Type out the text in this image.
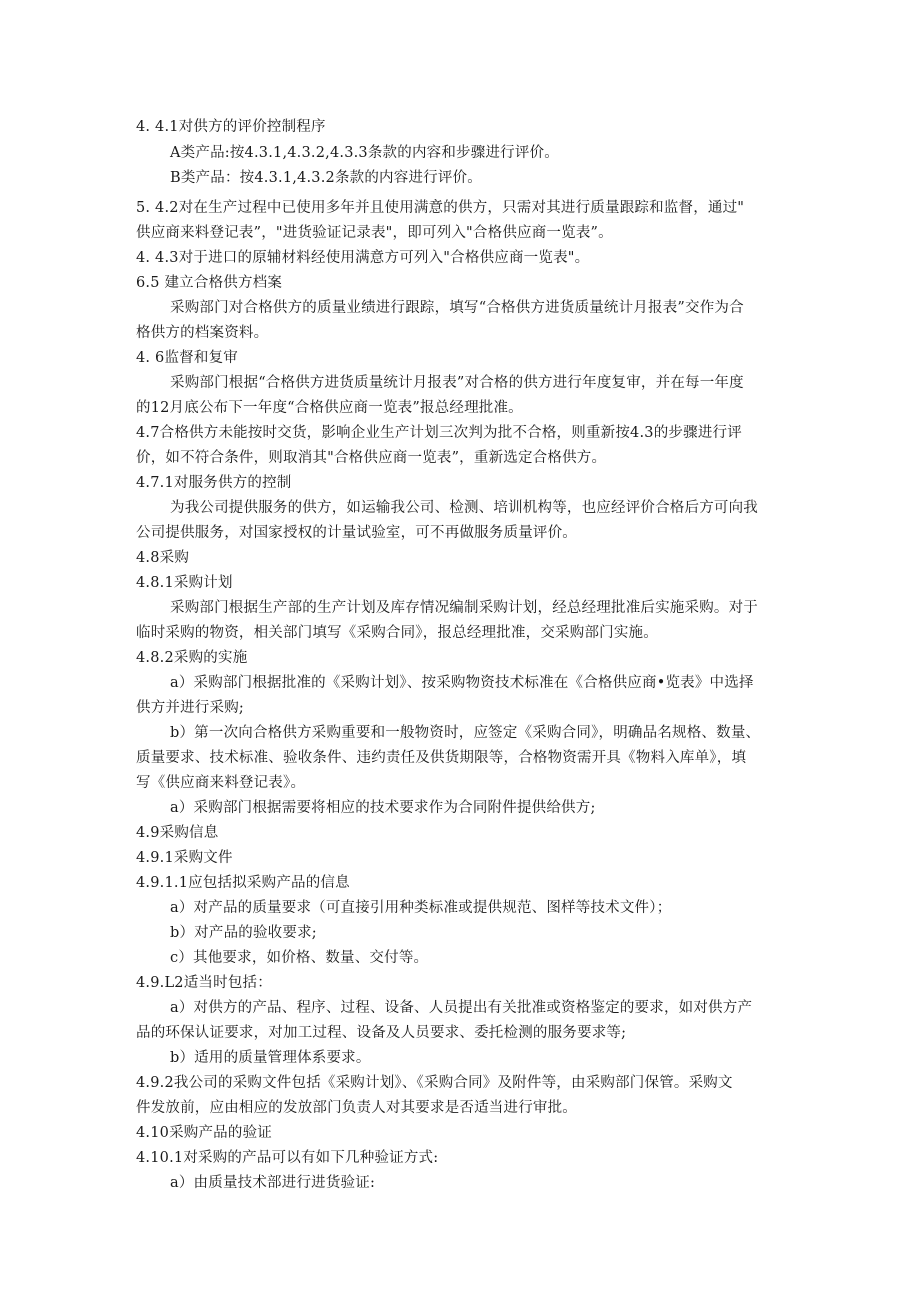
4. 4.1对供方的评价控制程序
A类产品:按4.3.1,4.3.2,4.3.3条款的内容和步骤进行评价。
B类产品：按4.3.1,4.3.2条款的内容进行评价。
5. 4.2对在生产过程中已使用多年并且使用满意的供方，只需对其进行质量跟踪和监督，通过"
供应商来料登记表”，"进货验证记录表"，即可列入"合格供应商一览表”。
4. 4.3对于进口的原辅材料经使用满意方可列入"合格供应商一览表"。
6.5 建立合格供方档案
采购部门对合格供方的质量业绩进行跟踪，填写“合格供方进货质量统计月报表”交作为合
格供方的档案资料。
4. 6监督和复审
采购部门根据“合格供方进货质量统计月报表”对合格的供方进行年度复审，并在每一年度
的12月底公布下一年度“合格供应商一览表”报总经理批准。
4.7合格供方未能按时交货，影响企业生产计划三次判为批不合格，则重新按4.3的步骤进行评
价，如不符合条件，则取消其"合格供应商一览表”，重新选定合格供方。
4.7.1对服务供方的控制
为我公司提供服务的供方，如运输我公司、检测、培训机构等，也应经评价合格后方可向我
公司提供服务，对国家授权的计量试验室，可不再做服务质量评价。
4.8采购
4.8.1采购计划
采购部门根据生产部的生产计划及库存情况编制采购计划，经总经理批准后实施采购。对于
临时采购的物资，相关部门填写《采购合同》，报总经理批准，交采购部门实施。
4.8.2采购的实施
a）采购部门根据批准的《采购计划》、按采购物资技术标准在《合格供应商•览表》中选择
供方并进行采购;
b）第一次向合格供方采购重要和一般物资时，应签定《采购合同》，明确品名规格、数量、
质量要求、技术标准、验收条件、违约责任及供货期限等，合格物资需开具《物料入库单》，填
写《供应商来料登记表》。
a）采购部门根据需要将相应的技术要求作为合同附件提供给供方;
4.9采购信息
4.9.1采购文件
4.9.1.1应包括拟采购产品的信息
a）对产品的质量要求（可直接引用种类标准或提供规范、图样等技术文件）；
b）对产品的验收要求;
c）其他要求，如价格、数量、交付等。
4.9.L2适当时包括：
a）对供方的产品、程序、过程、设备、人员提出有关批准或资格鉴定的要求，如对供方产
品的环保认证要求，对加工过程、设备及人员要求、委托检测的服务要求等;
b）适用的质量管理体系要求。
4.9.2我公司的采购文件包括《采购计划》、《采购合同》及附件等，由采购部门保管。采购文
件发放前，应由相应的发放部门负责人对其要求是否适当进行审批。
4.10采购产品的验证
4.10.1对采购的产品可以有如下几种验证方式:
a）由质量技术部进行进货验证:
